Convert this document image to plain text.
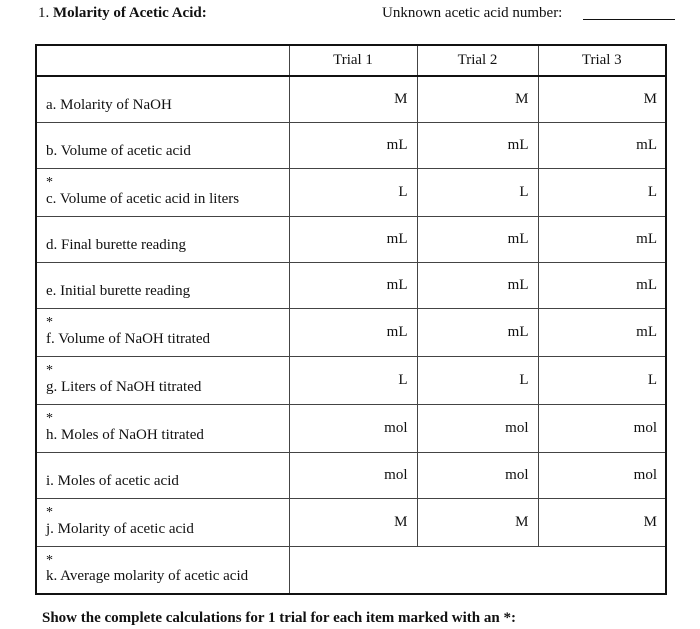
1. Molarity of Acetic Acid:	Unknown acetic acid number:
	Trial 1	Trial 2	Trial 3
a. Molarity of NaOH	M	M	M
b. Volume of acetic acid	mL	mL	mL

*
c. Volume of acetic acid in liters	L	L	L
d. Final burette reading	mL	mL	mL
e. Initial burette reading	mL	mL	mL

*
f. Volume of NaOH titrated	mL	mL	mL

*
g. Liters of NaOH titrated	L	L	L

*
h. Moles of NaOH titrated	mol	mol	mol
i. Moles of acetic acid	mol	mol	mol

*
j. Molarity of acetic acid	M	M	M

*
k. Average molarity of acetic acid			
Show the complete calculations for 1 trial for each item marked with an *:
